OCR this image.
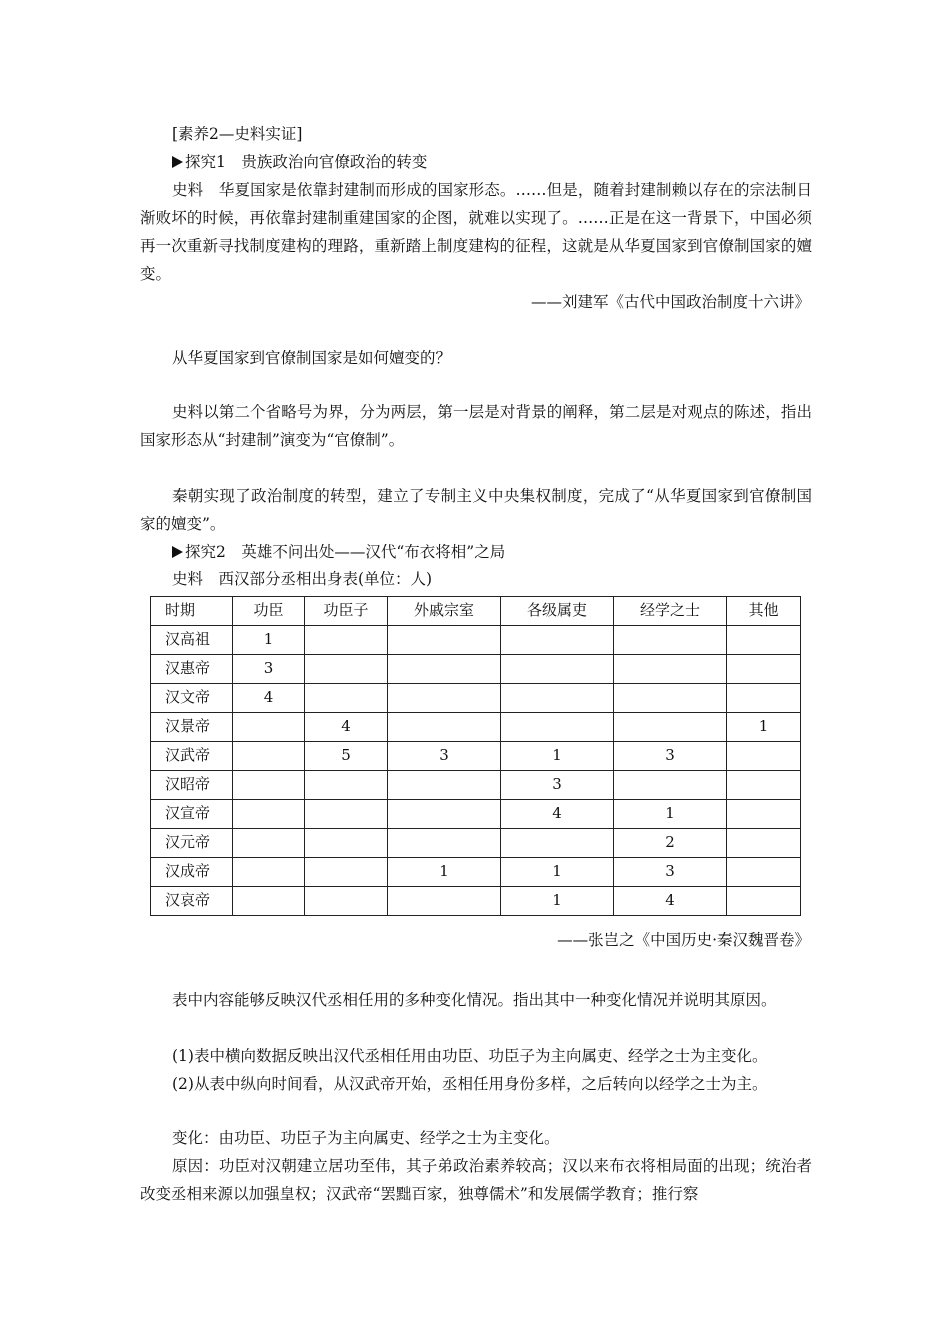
[素养2—史料实证]
探究1　贵族政治向官僚政治的转变
史料　华夏国家是依靠封建制而形成的国家形态。……但是，随着封建制赖以存在的宗法制日渐败坏的时候，再依靠封建制重建国家的企图，就难以实现了。……正是在这一背景下，中国必须再一次重新寻找制度建构的理路，重新踏上制度建构的征程，这就是从华夏国家到官僚制国家的嬗变。
——刘建军《古代中国政治制度十六讲》
从华夏国家到官僚制国家是如何嬗变的？
史料以第二个省略号为界，分为两层，第一层是对背景的阐释，第二层是对观点的陈述，指出国家形态从“封建制”演变为“官僚制”。
秦朝实现了政治制度的转型，建立了专制主义中央集权制度，完成了“从华夏国家到官僚制国家的嬗变”。
探究2　英雄不问出处——汉代“布衣将相”之局
史料　西汉部分丞相出身表(单位：人)
时期	功臣	功臣子	外戚宗室	各级属吏	经学之士	其他
汉高祖	1					
汉惠帝	3					
汉文帝	4					
汉景帝		4				1
汉武帝		5	3	1	3	
汉昭帝				3		
汉宣帝				4	1	
汉元帝					2	
汉成帝			1	1	3	
汉哀帝				1	4	
——张岂之《中国历史·秦汉魏晋卷》
表中内容能够反映汉代丞相任用的多种变化情况。指出其中一种变化情况并说明其原因。
(1)表中横向数据反映出汉代丞相任用由功臣、功臣子为主向属吏、经学之士为主变化。
(2)从表中纵向时间看，从汉武帝开始，丞相任用身份多样，之后转向以经学之士为主。
变化：由功臣、功臣子为主向属吏、经学之士为主变化。
原因：功臣对汉朝建立居功至伟，其子弟政治素养较高；汉以来布衣将相局面的出现；统治者改变丞相来源以加强皇权；汉武帝“罢黜百家，独尊儒术”和发展儒学教育；推行察
